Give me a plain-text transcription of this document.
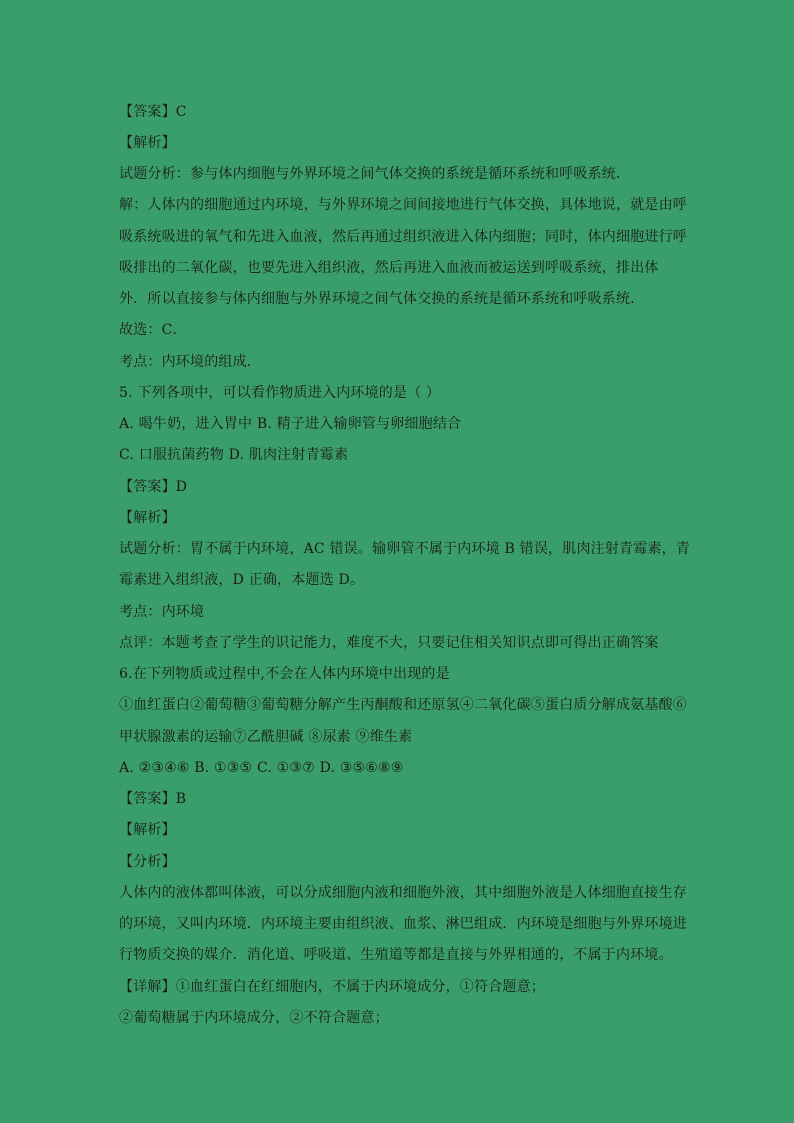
【答案】C
【解析】
试题分析：参与体内细胞与外界环境之间气体交换的系统是循环系统和呼吸系统．
解：人体内的细胞通过内环境，与外界环境之间间接地进行气体交换，具体地说，就是由呼
吸系统吸进的氧气和先进入血液，然后再通过组织液进入体内细胞；同时，体内细胞进行呼
吸排出的二氧化碳，也要先进入组织液，然后再进入血液而被运送到呼吸系统，排出体
外．所以直接参与体内细胞与外界环境之间气体交换的系统是循环系统和呼吸系统．
故选：C．
考点：内环境的组成．
5. 下列各项中，可以看作物质进入内环境的是（ ）
A. 喝牛奶，进入胃中 B. 精子进入输卵管与卵细胞结合
C. 口服抗菌药物 D. 肌肉注射青霉素
【答案】D
【解析】
试题分析：胃不属于内环境，AC 错误。输卵管不属于内环境 B 错误，肌肉注射青霉素，青
霉素进入组织液，D 正确，本题选 D。
考点：内环境
点评：本题考查了学生的识记能力，难度不大，只要记住相关知识点即可得出正确答案
6.在下列物质或过程中,不会在人体内环境中出现的是
①血红蛋白②葡萄糖③葡萄糖分解产生丙酮酸和还原氢④二氧化碳⑤蛋白质分解成氨基酸⑥
甲状腺激素的运输⑦乙酰胆碱 ⑧尿素 ⑨维生素
A. ②③④⑥ B. ①③⑤ C. ①③⑦ D. ③⑤⑥⑧⑨
【答案】B
【解析】
【分析】
人体内的液体都叫体液，可以分成细胞内液和细胞外液，其中细胞外液是人体细胞直接生存
的环境，又叫内环境．内环境主要由组织液、血浆、淋巴组成．内环境是细胞与外界环境进
行物质交换的媒介．消化道、呼吸道、生殖道等都是直接与外界相通的，不属于内环境。
【详解】①血红蛋白在红细胞内，不属于内环境成分，①符合题意；
②葡萄糖属于内环境成分，②不符合题意；
